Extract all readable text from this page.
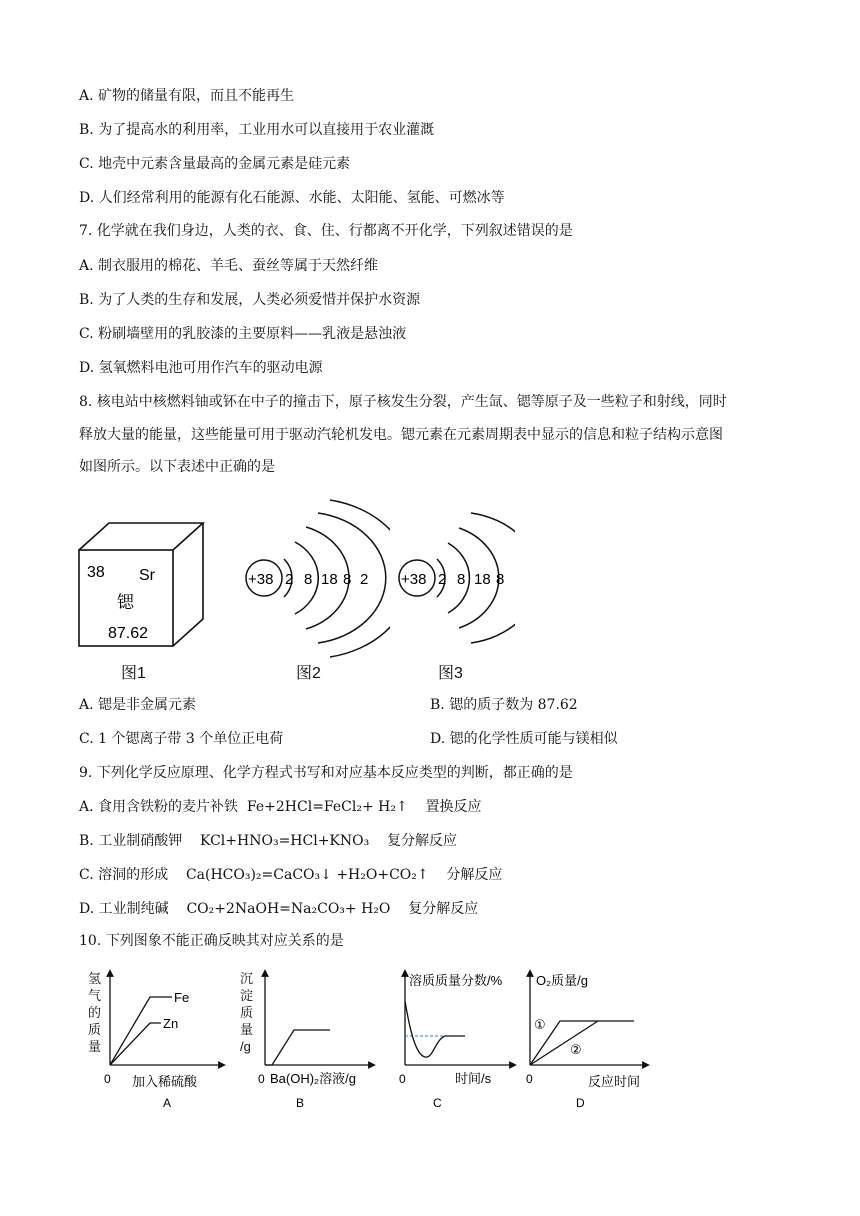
A. 矿物的储量有限，而且不能再生
B. 为了提高水的利用率，工业用水可以直接用于农业灌溉
C. 地壳中元素含量最高的金属元素是硅元素
D. 人们经常利用的能源有化石能源、水能、太阳能、氢能、可燃冰等
7. 化学就在我们身边，人类的衣、食、住、行都离不开化学，下列叙述错误的是
A. 制衣服用的棉花、羊毛、蚕丝等属于天然纤维
B. 为了人类的生存和发展，人类必须爱惜并保护水资源
C. 粉刷墙壁用的乳胶漆的主要原料——乳液是悬浊液
D. 氢氧燃料电池可用作汽车的驱动电源
8. 核电站中核燃料铀或钚在中子的撞击下，原子核发生分裂，产生氙、锶等原子及一些粒子和射线，同时
释放大量的能量，这些能量可用于驱动汽轮机发电。锶元素在元素周期表中显示的信息和粒子结构示意图
如图所示。以下表述中正确的是
38 Sr
锶
87.62
+38 2 8 18 8 2 +38 2 8 18 8
图1	图2	图3
A. 锶是非金属元素	B. 锶的质子数为 87.62
C. 1 个锶离子带 3 个单位正电荷	D. 锶的化学性质可能与镁相似
9. 下列化学反应原理、化学方程式书写和对应基本反应类型的判断，都正确的是
A. 食用含铁粉的麦片补铁 Fe+2HCl=FeCl₂+ H₂↑ 置换反应
B. 工业制硝酸钾 KCl+HNO₃=HCl+KNO₃ 复分解反应
C. 溶洞的形成 Ca(HCO₃)₂=CaCO₃↓ +H₂O+CO₂↑ 分解反应
D. 工业制纯碱 CO₂+2NaOH=Na₂CO₃+ H₂O 复分解反应
10. 下列图象不能正确反映其对应关系的是
氢
气
的
质
量
Fe
Zn
0 加入稀硫酸
A
沉
淀
质
量
/g
0 Ba(OH)₂溶液/g
B
溶质质量分数/%
0	时间/s
C
O₂质量/g
①
②
0	反应时间
D
